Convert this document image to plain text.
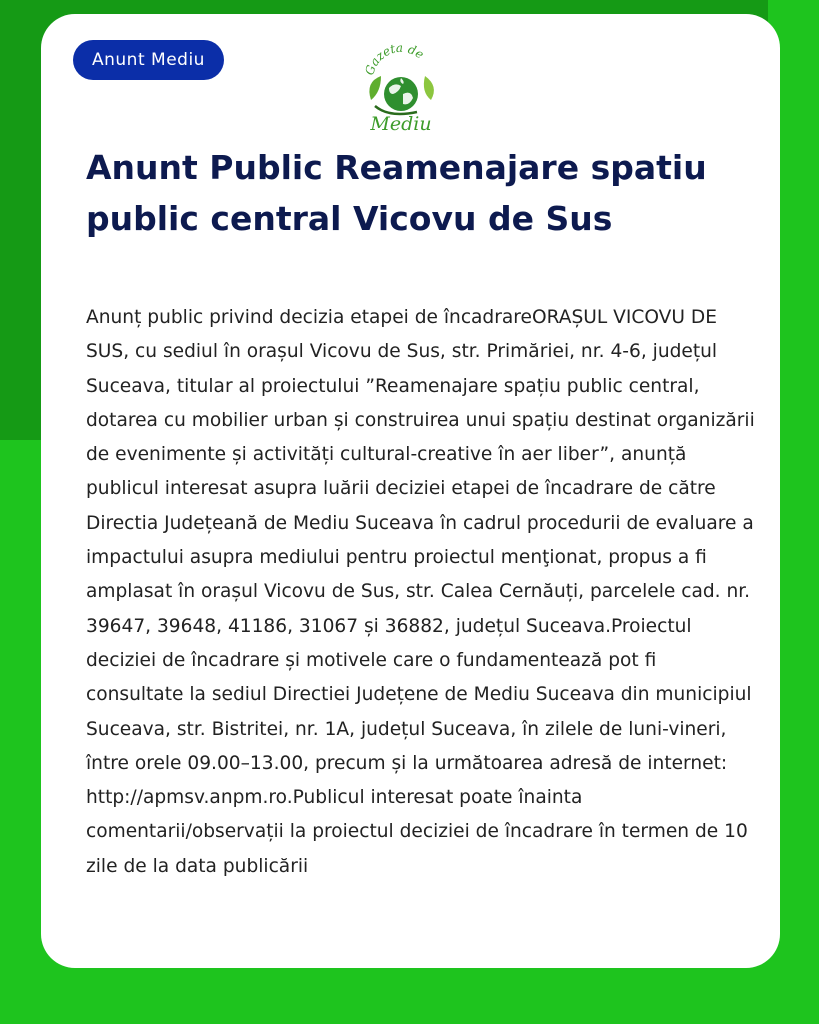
Anunt Mediu
Gazeta de
Mediu
Anunt Public Reamenajare spatiu public central Vicovu de Sus

Anunț public privind decizia etapei de încadrareORAȘUL VICOVU DE SUS, cu sediul în orașul Vicovu de Sus, str. Primăriei, nr. 4-6, județul Suceava, titular al proiectului ”Reamenajare spațiu public central, dotarea cu mobilier urban și construirea unui spațiu destinat organizării de evenimente și activități cultural-creative în aer liber”, anunță publicul interesat asupra luării deciziei etapei de încadrare de către Directia Județeană de Mediu Suceava în cadrul procedurii de evaluare a impactului asupra mediului pentru proiectul menţionat, propus a fi amplasat în orașul Vicovu de Sus, str. Calea Cernăuți, parcelele cad. nr. 39647, 39648, 41186, 31067 și 36882, județul Suceava.Proiectul deciziei de încadrare și motivele care o fundamentează pot fi consultate la sediul Directiei Județene de Mediu Suceava din municipiul Suceava, str. Bistritei, nr. 1A, județul Suceava, în zilele de luni-vineri, între orele 09.00–13.00, precum și la următoarea adresă de internet: http://apmsv.anpm.ro.Publicul interesat poate înainta comentarii/observații la proiectul deciziei de încadrare în termen de 10 zile de la data publicării
